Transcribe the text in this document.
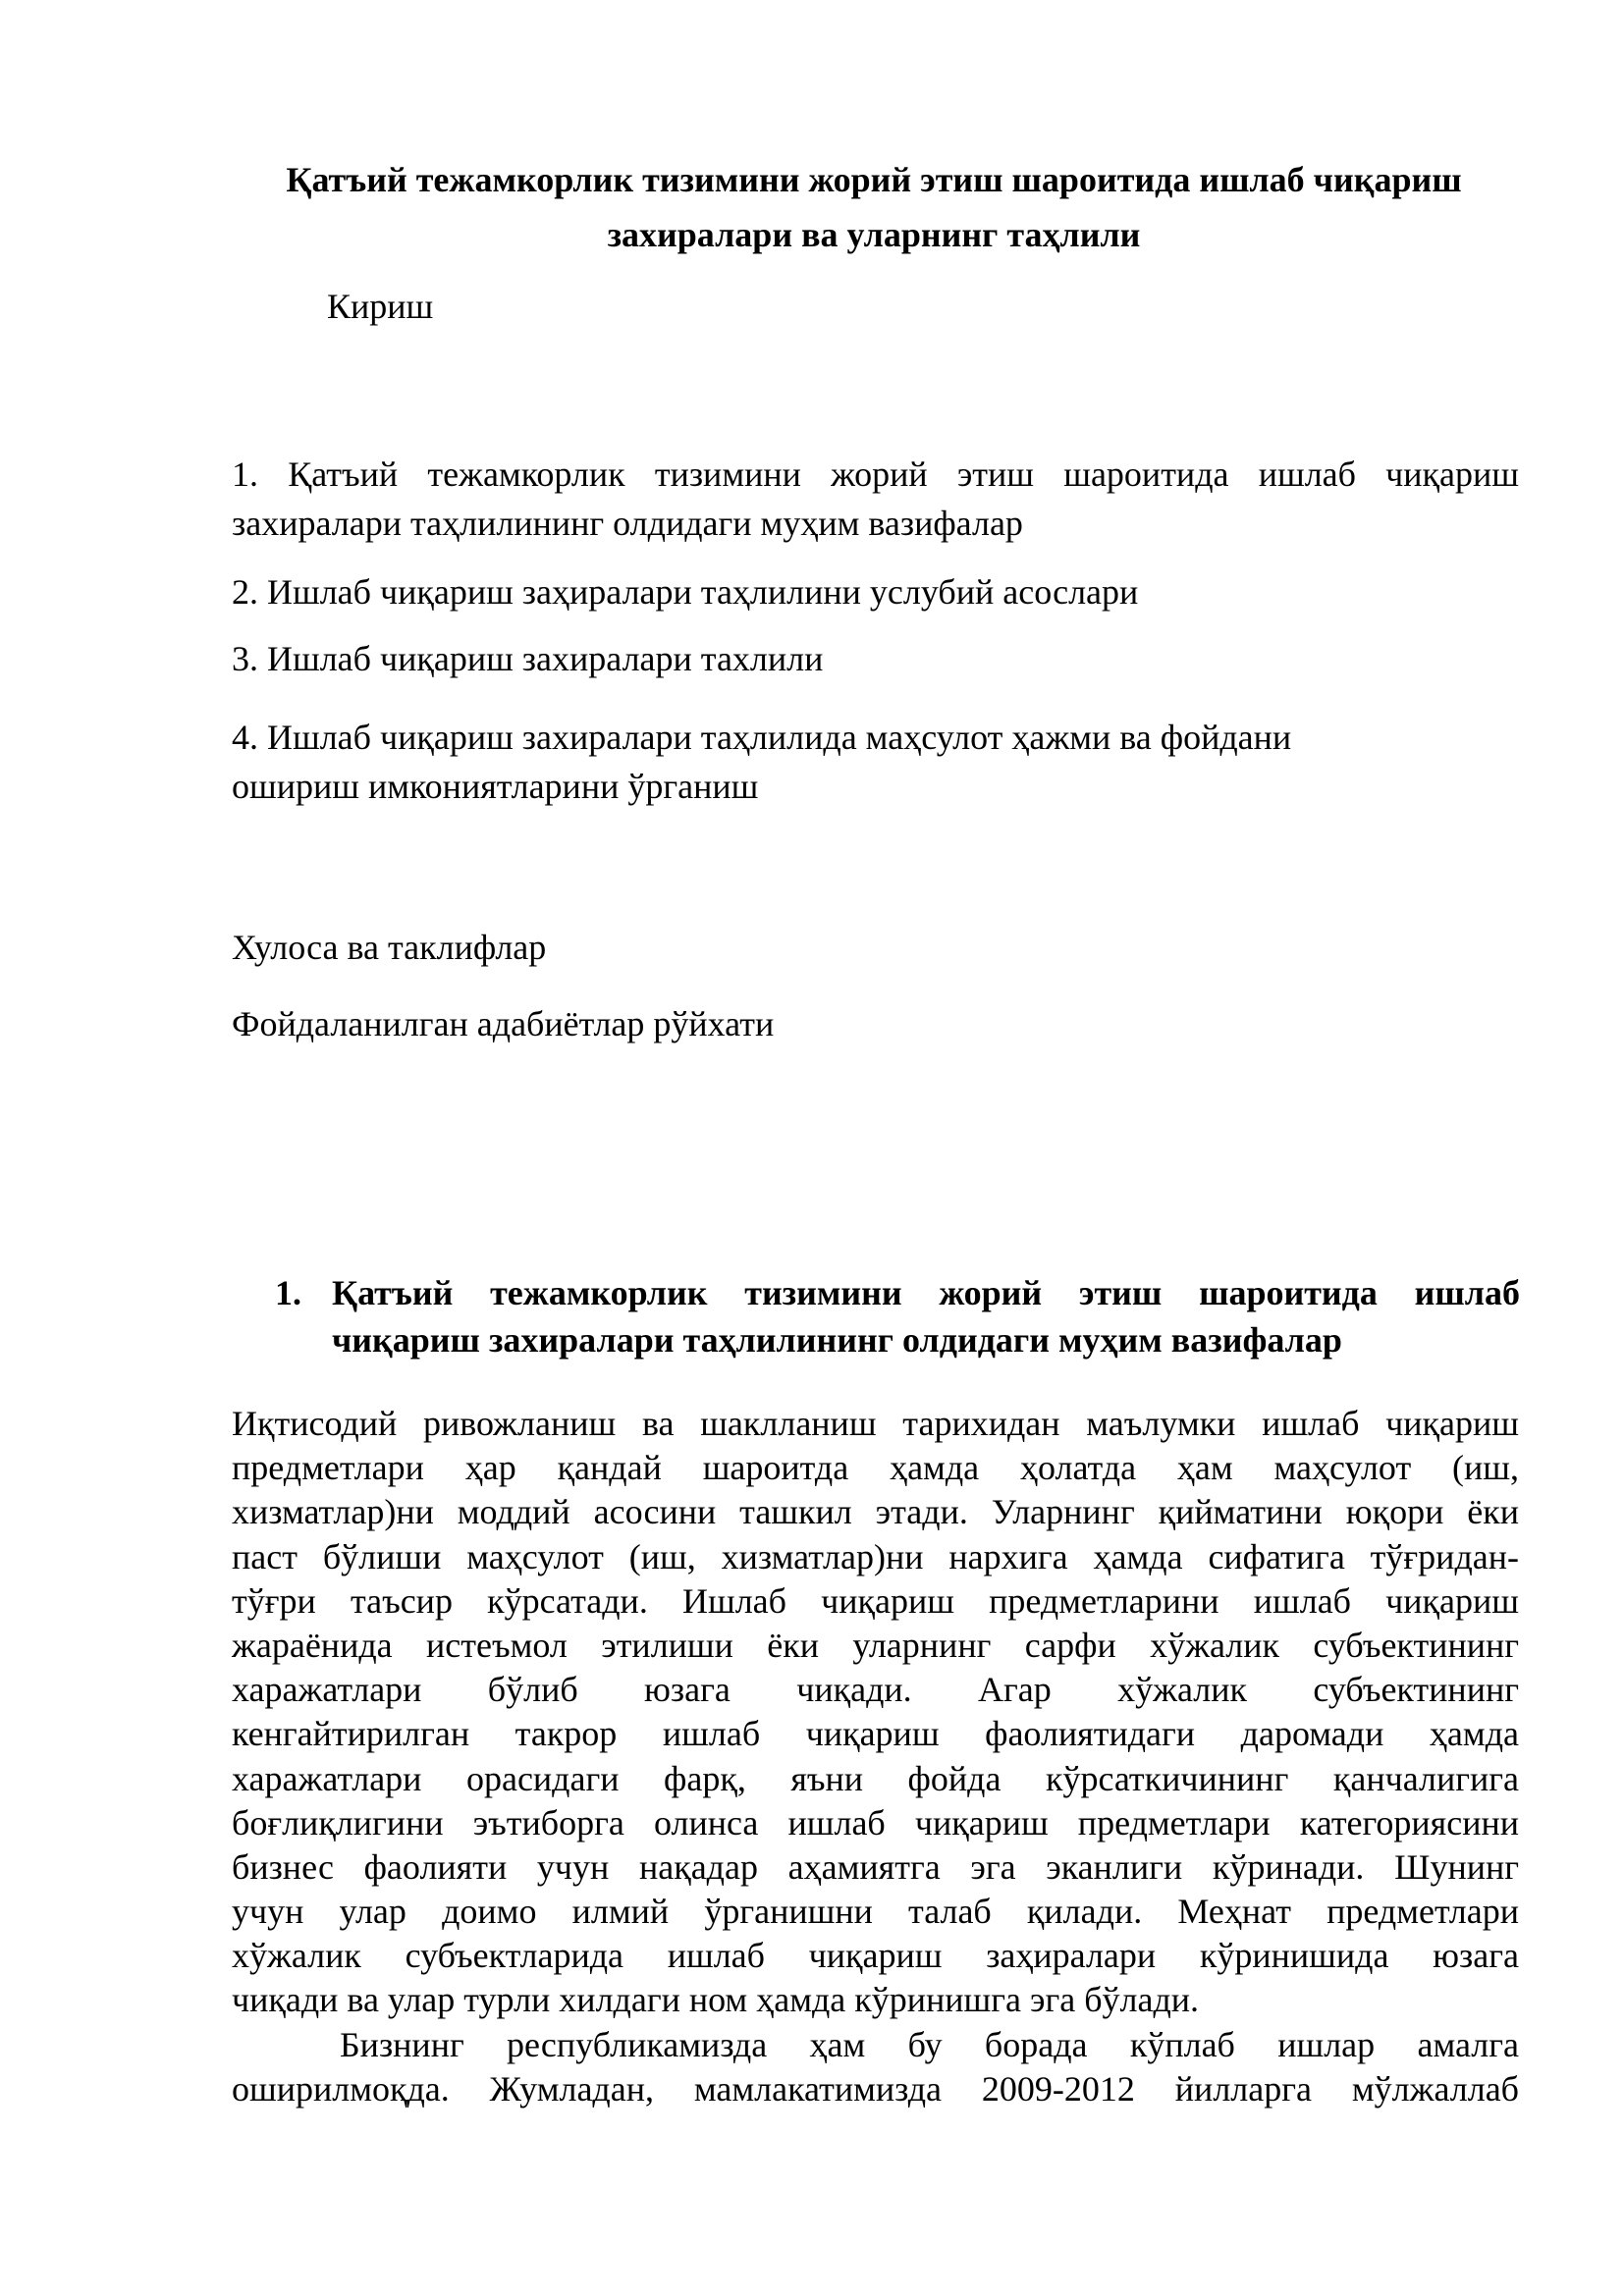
Қатъий тежамкорлик тизимини жорий этиш шароитида ишлаб чиқариш
захиралари ва уларнинг таҳлили
Кириш
1. Қатъий тежамкорлик тизимини жорий этиш шароитида ишлаб чиқариш
захиралари таҳлилининг олдидаги муҳим вазифалар
2. Ишлаб чиқариш заҳиралари таҳлилини услубий асослари
3. Ишлаб чиқариш захиралари тахлили
4. Ишлаб чиқариш захиралари таҳлилида маҳсулот ҳажми ва фойдани
ошириш имкониятларини ўрганиш
Хулоса ва таклифлар
Фойдаланилган адабиётлар рўйхати
1. Қатъий тежамкорлик тизимини жорий этиш шароитида ишлаб
чиқариш захиралари таҳлилининг олдидаги муҳим вазифалар
Иқтисодий ривожланиш ва шаклланиш тарихидан маълумки ишлаб чиқариш
предметлари ҳар қандай шароитда ҳамда ҳолатда ҳам маҳсулот (иш,
хизматлар)ни моддий асосини ташкил этади. Уларнинг қийматини юқори ёки
паст бўлиши маҳсулот (иш, хизматлар)ни нархига ҳамда сифатига тўғридан-
тўғри таъсир кўрсатади. Ишлаб чиқариш предметларини ишлаб чиқариш
жараёнида истеъмол этилиши ёки уларнинг сарфи хўжалик субъектининг
харажатлари бўлиб юзага чиқади. Агар хўжалик субъектининг
кенгайтирилган такрор ишлаб чиқариш фаолиятидаги даромади ҳамда
харажатлари орасидаги фарқ, яъни фойда кўрсаткичининг қанчалигига
боғлиқлигини эътиборга олинса ишлаб чиқариш предметлари категориясини
бизнес фаолияти учун нақадар аҳамиятга эга эканлиги кўринади. Шунинг
учун улар доимо илмий ўрганишни талаб қилади. Меҳнат предметлари
хўжалик субъектларида ишлаб чиқариш заҳиралари кўринишида юзага
чиқади ва улар турли хилдаги ном ҳамда кўринишга эга бўлади.
Бизнинг республикамизда ҳам бу борада кўплаб ишлар амалга
оширилмоқда. Жумладан, мамлакатимизда 2009-2012 йилларга мўлжаллаб
